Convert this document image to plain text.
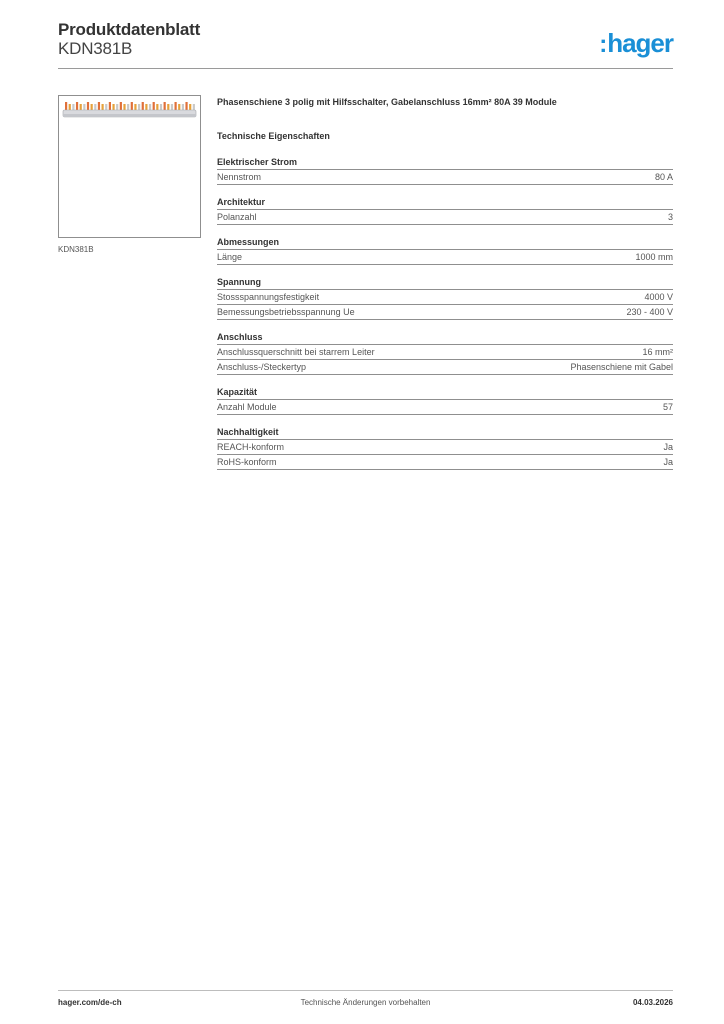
Produktdatenblatt
KDN381B	:hager
KDN381B
Phasenschiene 3 polig mit Hilfsschalter, Gabelanschluss 16mm² 80A 39 Module
Technische Eigenschaften
Elektrischer Strom
Nennstrom	80 A
Architektur
Polanzahl	3
Abmessungen
Länge	1000 mm
Spannung
Stossspannungsfestigkeit	4000 V
Bemessungsbetriebsspannung Ue	230 - 400 V
Anschluss
Anschlussquerschnitt bei starrem Leiter	16 mm²
Anschluss-/Steckertyp	Phasenschiene mit Gabel
Kapazität
Anzahl Module	57
Nachhaltigkeit
REACH-konform	Ja
RoHS-konform	Ja
hager.com/de-ch	Technische Änderungen vorbehalten	04.03.2026
